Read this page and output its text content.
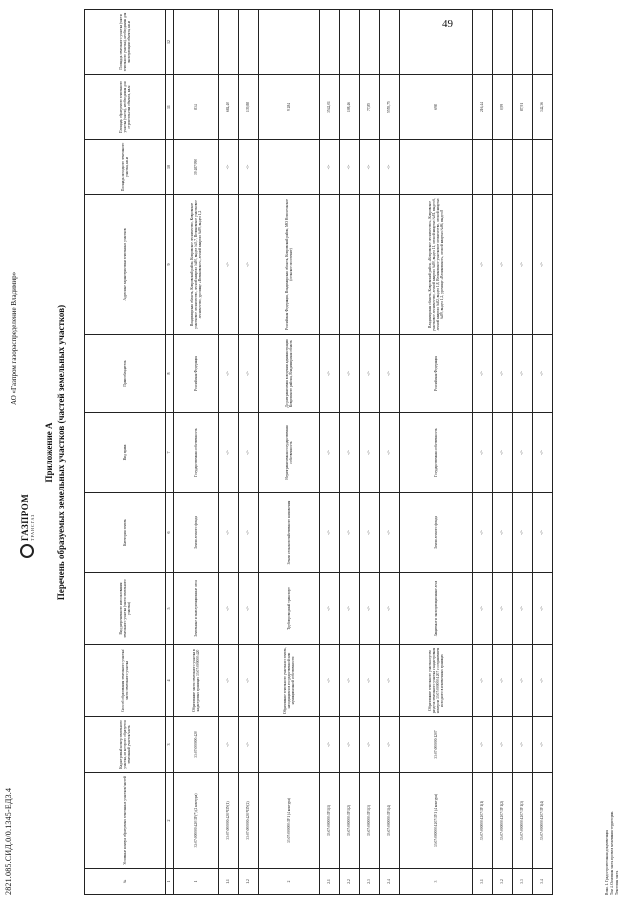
49
2821.085.СИД.0/0.1345-ЕД3.4
АО «Газпром газораспределение Владимир»
ГАЗПРОМ ТРАНСГАЗ
Приложение А Перечень образуемых земельных участков (частей земельных участков)
№	Условные номера образуемых земельных участков/частей	Кадастровый номер земельного участка, из которого образуется земельный участок/часть	Способ образования земельного участка/части земельного участка	Вид разрешенного использования земельного участка (части земельного участка)	Категория земель	Вид права	Правообладатель	Адресные характеристики земельных участков	Площадь исходного земельного участка, кв.м	Площадь образуемого земельного участка (части), необходимая для строительства объекта, кв.м	Площадь земельного участка (части земельного участка), необходимая для эксплуатации объекта, кв.м
1	2	3	4	5	6	7	8	9	10	11	12
1	33:07:000000:420/ЗУ(*) (2 контура)	33:07:000000:420	Образование части земельного участка в кадастровых границах 33:07:000000:420	Земельные и эксплуатационные леса	Земли лесного фонда	Государственная собственность	Российская Федерация	Владимирская область, Ковровский район, Ковровское лесничество, Ковровское участковое лесничество, лесной квартал №80, выдел №5,7, Великовское участковое лесничество, урочище «Великовское», лесной квартал №89, выдел 1,2	39 487 990	834	
1.1	33:07:000000:420/ЧЗУ(1)	-//-	-//-	-//-	-//-	-//-	-//-	-//-	-//-	684,40	
1.2	33:07:000000:420/ЧЗУ(2)	-//-	-//-	-//-	-//-	-//-	-//-	-//-	-//-	139,88	
2	33:07:000000:ЗУ1 (4 контура)		Образование земельного участка из земель, находящихся в государственной или муниципальной собственности	Трубопроводный транспорт	Земли сельскохозяйственного назначения	Неразграниченная государственная собственность	До разграничения в ведении администрации Ковровского района, Владимирская область	Российская Федерация, Владимирская область, Ковровский район, МО Новосельское (сельское поселение)		9 284	
2.1	33:07:000000:ЗУ1(1)	-//-	-//-	-//-	-//-	-//-	-//-		-//-	3542,01	
2.2	33:07:000000:ЗУ1(2)	-//-	-//-	-//-	-//-	-//-	-//-		-//-	108,46	
2.3	33:07:000000:ЗУ1(3)	-//-	-//-	-//-	-//-	-//-	-//-		-//-	77,85	
2.4	33:07:000000:ЗУ1(4)	-//-	-//-	-//-	-//-	-//-	-//-		-//-	5555,75	
3	33:07:000000:1207/ЗУ1 (4 контура)	33:07:000000:1207	Образование земельного участка путем раздела земельного участка с кадастровым номером 33:07:000000:1207 с сохранением исходного в измененных границах	Защитные и эксплуатационные леса	Земли лесного фонда	Государственная собственность	Российская Федерация	Владимирская область, Ковровский район, «Ковровское лесничество», Ковровское участковое лесничество, лесной квартал №80, выдел 11, лесной квартал №81, выдел 6, лесной квартал №82, выдел 1,8, Великовское участковое лесничество, лесной квартал №89, выдел 1,2, урочище «Великовское», лесной квартал №86, выдел 8		698	
3.1	33:07:000000:1207/ЗУ1(1)	-//-	-//-	-//-	-//-	-//-	-//-	-//-		216,44	
3.2	33:07:000000:1207/ЗУ1(2)	-//-	-//-	-//-	-//-	-//-	-//-	-//-		0,99	
3.3	33:07:000000:1207/ЗУ1(3)	-//-	-//-	-//-	-//-	-//-	-//-	-//-		87,91	
3.4	33:07:000000:1207/ЗУ1(4)	-//-	-//-	-//-	-//-	-//-	-//-	-//-		342,36	
Взам. 1. Градостроительная документация Том 4. Основная часть проекта межевания территории. Текстовая часть
